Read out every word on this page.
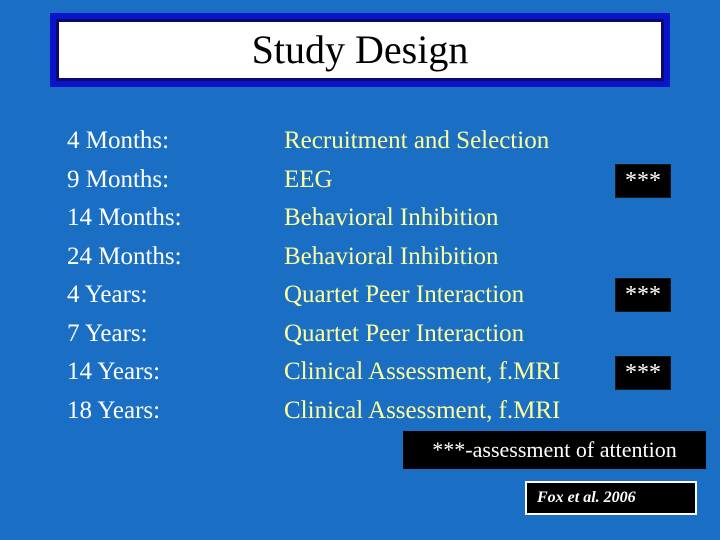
Study Design
4 Months:
9 Months:
14 Months:
24 Months:
4 Years:
7 Years:
14 Years:
18 Years:
Recruitment and Selection
EEG
Behavioral Inhibition
Behavioral Inhibition
Quartet Peer Interaction
Quartet Peer Interaction
Clinical Assessment, f.MRI
Clinical Assessment, f.MRI
***
***
***
***-assessment of attention
Fox et al. 2006
